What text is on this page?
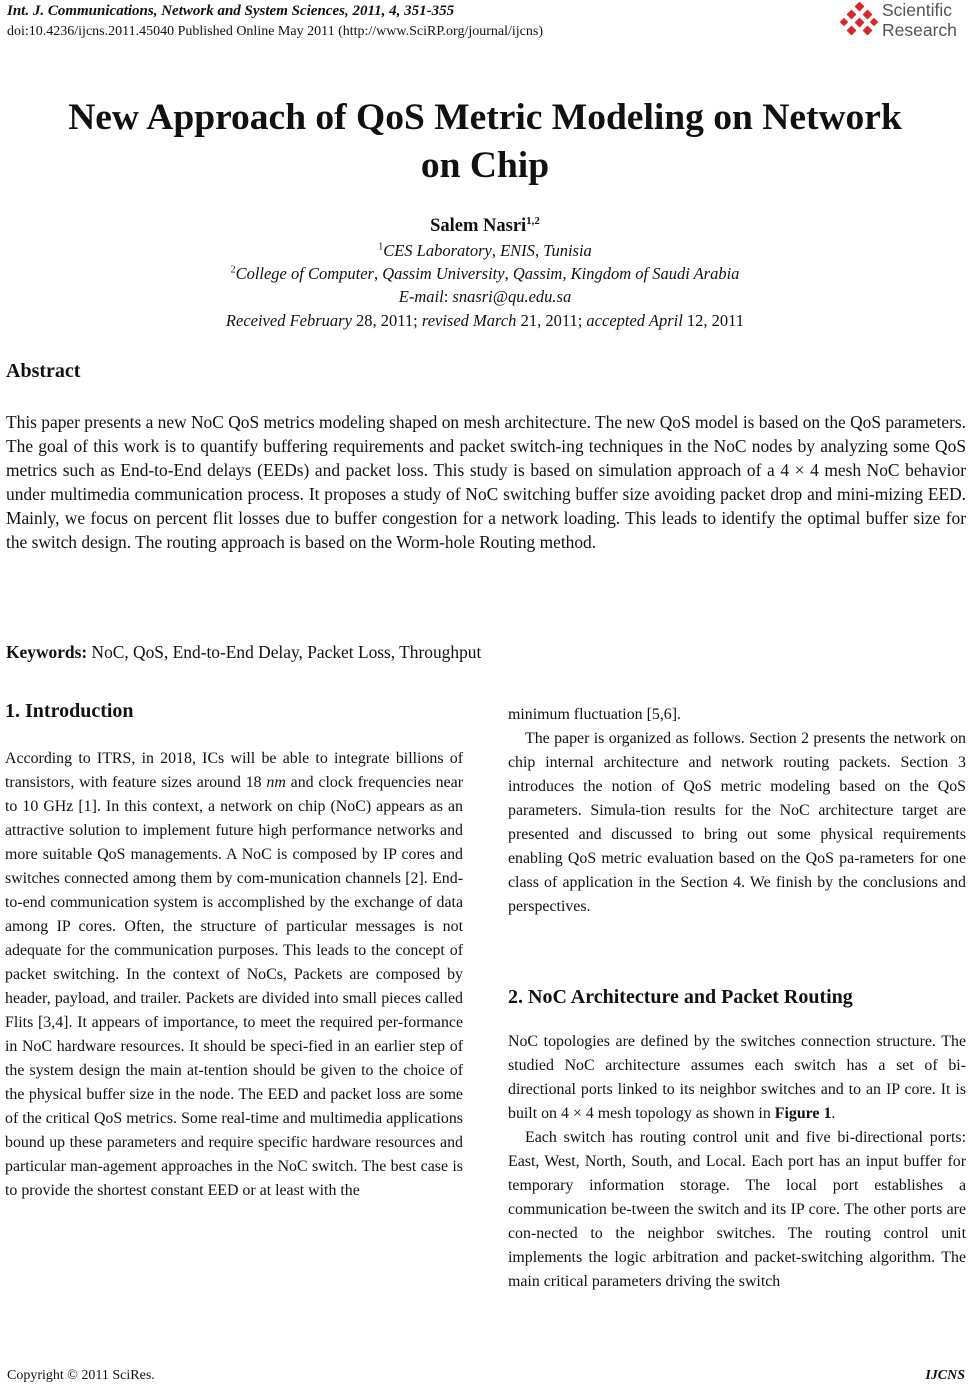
Int. J. Communications, Network and System Sciences, 2011, 4, 351-355
doi:10.4236/ijcns.2011.45040 Published Online May 2011 (http://www.SciRP.org/journal/ijcns)
Scientific
Research
New Approach of QoS Metric Modeling on Network
on Chip
Salem Nasri$^{1,2}$
$^1$CES Laboratory, ENIS, Tunisia
$^2$College of Computer, Qassim University, Qassim, Kingdom of Saudi Arabia
E-mail: snasri@qu.edu.sa
Received February 28, 2011; revised March 21, 2011; accepted April 12, 2011
Abstract
This paper presents a new NoC QoS metrics modeling shaped on mesh architecture. The new QoS model is based on the QoS parameters. The goal of this work is to quantify buffering requirements and packet switch-ing techniques in the NoC nodes by analyzing some QoS metrics such as End-to-End delays (EEDs) and packet loss. This study is based on simulation approach of a 4 × 4 mesh NoC behavior under multimedia communication process. It proposes a study of NoC switching buffer size avoiding packet drop and mini-mizing EED. Mainly, we focus on percent flit losses due to buffer congestion for a network loading. This leads to identify the optimal buffer size for the switch design. The routing approach is based on the Worm-hole Routing method.
Keywords: NoC, QoS, End-to-End Delay, Packet Loss, Throughput
1. Introduction

According to ITRS, in 2018, ICs will be able to integrate billions of transistors, with feature sizes around 18 nm and clock frequencies near to 10 GHz [1]. In this context, a network on chip (NoC) appears as an attractive solution to implement future high performance networks and more suitable QoS managements. A NoC is composed by IP cores and switches connected among them by com-munication channels [2]. End-to-end communication system is accomplished by the exchange of data among IP cores. Often, the structure of particular messages is not adequate for the communication purposes. This leads to the concept of packet switching. In the context of NoCs, Packets are composed by header, payload, and trailer. Packets are divided into small pieces called Flits [3,4]. It appears of importance, to meet the required per-formance in NoC hardware resources. It should be speci-fied in an earlier step of the system design the main at-tention should be given to the choice of the physical buffer size in the node. The EED and packet loss are some of the critical QoS metrics. Some real-time and multimedia applications bound up these parameters and require specific hardware resources and particular man-agement approaches in the NoC switch. The best case is to provide the shortest constant EED or at least with the

minimum fluctuation [5,6].

The paper is organized as follows. Section 2 presents the network on chip internal architecture and network routing packets. Section 3 introduces the notion of QoS metric modeling based on the QoS parameters. Simula-tion results for the NoC architecture target are presented and discussed to bring out some physical requirements enabling QoS metric evaluation based on the QoS pa-rameters for one class of application in the Section 4. We finish by the conclusions and perspectives.

2. NoC Architecture and Packet Routing

NoC topologies are defined by the switches connection structure. The studied NoC architecture assumes each switch has a set of bi-directional ports linked to its neighbor switches and to an IP core. It is built on 4 × 4 mesh topology as shown in Figure 1.

Each switch has routing control unit and five bi-directional ports: East, West, North, South, and Local. Each port has an input buffer for temporary information storage. The local port establishes a communication be-tween the switch and its IP core. The other ports are con-nected to the neighbor switches. The routing control unit implements the logic arbitration and packet-switching algorithm. The main critical parameters driving the switch

Copyright © 2011 SciRes.	IJCNS
